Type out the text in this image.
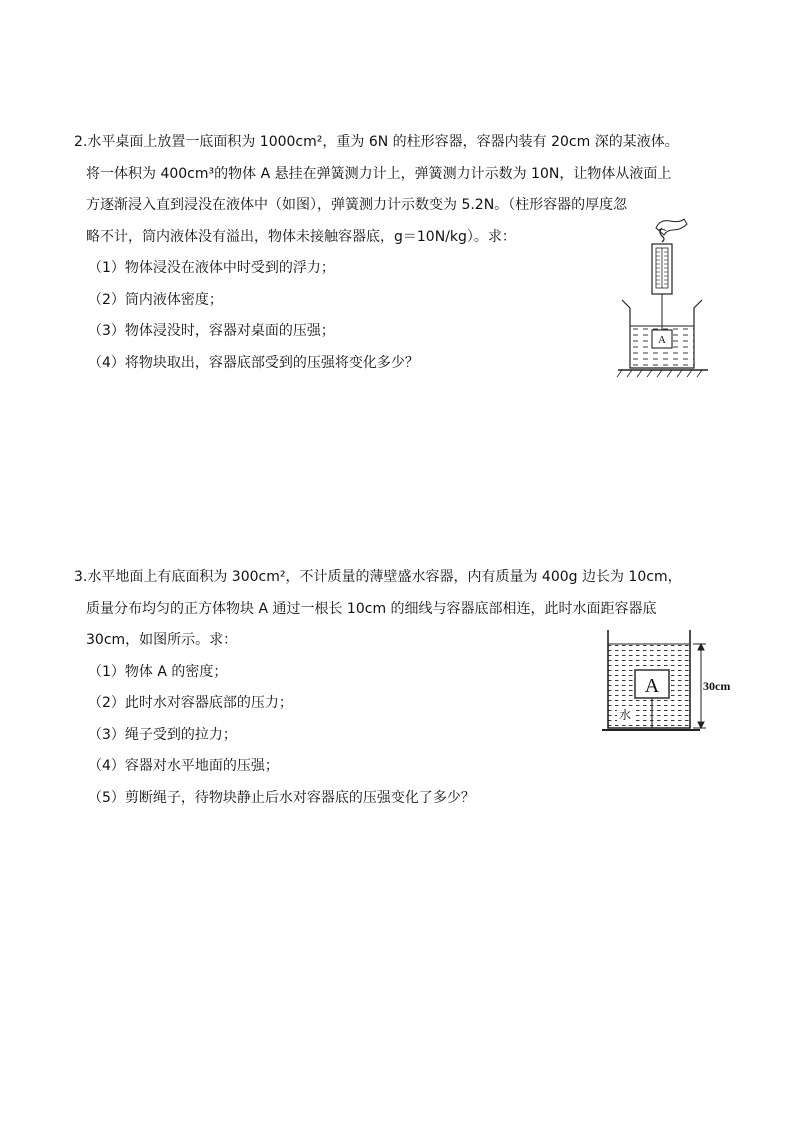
2.水平桌面上放置一底面积为 1000cm²，重为 6N 的柱形容器，容器内装有 20cm 深的某液体。
将一体积为 400cm³的物体 A 悬挂在弹簧测力计上，弹簧测力计示数为 10N，让物体从液面上
方逐渐浸入直到浸没在液体中（如图），弹簧测力计示数变为 5.2N。（柱形容器的厚度忽
略不计，筒内液体没有溢出，物体未接触容器底，g＝10N/kg）。求：
（1）物体浸没在液体中时受到的浮力；
（2）筒内液体密度；
（3）物体浸没时，容器对桌面的压强；
（4）将物块取出，容器底部受到的压强将变化多少？
A
3.水平地面上有底面积为 300cm²，不计质量的薄壁盛水容器，内有质量为 400g 边长为 10cm，
质量分布均匀的正方体物块 A 通过一根长 10cm 的细线与容器底部相连，此时水面距容器底
30cm，如图所示。求：
（1）物体 A 的密度；
（2）此时水对容器底部的压力；
（3）绳子受到的拉力；
（4）容器对水平地面的压强；
（5）剪断绳子，待物块静止后水对容器底的压强变化了多少？
A
水
30cm
